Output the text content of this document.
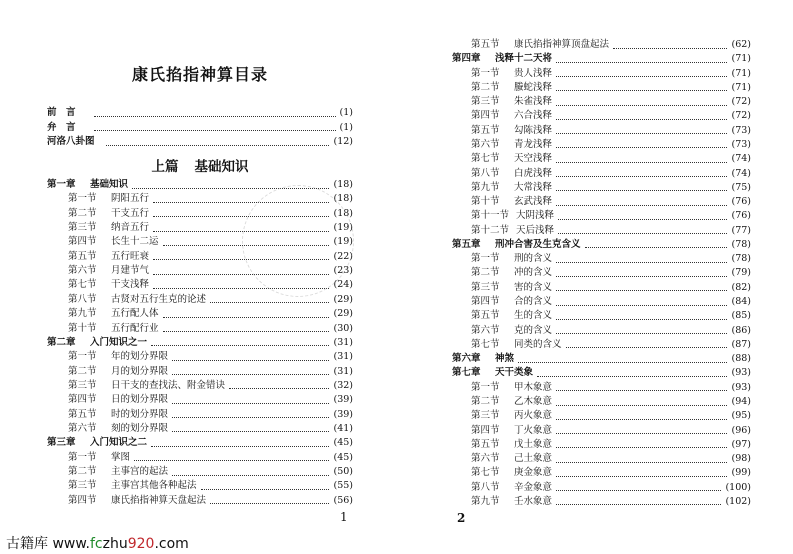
康氏掐指神算目录
前　言	(1)
弁　言	(1)
河洛八卦图	(12)
上篇 基础知识
第一章	基础知识	(18)
第一节	阴阳五行	(18)
第二节	干支五行	(18)
第三节	纳音五行	(19)
第四节	长生十二运	(19)
第五节	五行旺衰	(22)
第六节	月建节气	(23)
第七节	干支浅释	(24)
第八节	古贤对五行生克的论述	(29)
第九节	五行配人体	(29)
第十节	五行配行业	(30)
第二章	入门知识之一	(31)
第一节	年的划分界限	(31)
第二节	月的划分界限	(31)
第三节	日干支的查找法、附金错诀	(32)
第四节	日的划分界限	(39)
第五节	时的划分界限	(39)
第六节	刻的划分界限	(41)
第三章	入门知识之二	(45)
第一节	掌图	(45)
第二节	主事宫的起法	(50)
第三节	主事宫其他各种起法	(55)
第四节	康氏掐指神算天盘起法	(56)
1
第五节	康氏掐指神算顶盘起法	(62)
第四章	浅释十二天将	(71)
第一节	贵人浅释	(71)
第二节	螣蛇浅释	(71)
第三节	朱雀浅释	(72)
第四节	六合浅释	(72)
第五节	勾陈浅释	(73)
第六节	青龙浅释	(73)
第七节	天空浅释	(74)
第八节	白虎浅释	(74)
第九节	大常浅释	(75)
第十节	玄武浅释	(76)
第十一节 大阴浅释	(76)
第十二节 天后浅释	(77)
第五章	刑冲合害及生克含义	(78)
第一节	刑的含义	(78)
第二节	冲的含义	(79)
第三节	害的含义	(82)
第四节	合的含义	(84)
第五节	生的含义	(85)
第六节	克的含义	(86)
第七节	同类的含义	(87)
第六章	神煞	(88)
第七章	天干类象	(93)
第一节	甲木象意	(93)
第二节	乙木象意	(94)
第三节	丙火象意	(95)
第四节	丁火象意	(96)
第五节	戊土象意	(97)
第六节	己土象意	(98)
第七节	庚金象意	(99)
第八节	辛金象意	(100)
第九节	壬水象意	(102)
2
古籍库 www.fczhu920.com
